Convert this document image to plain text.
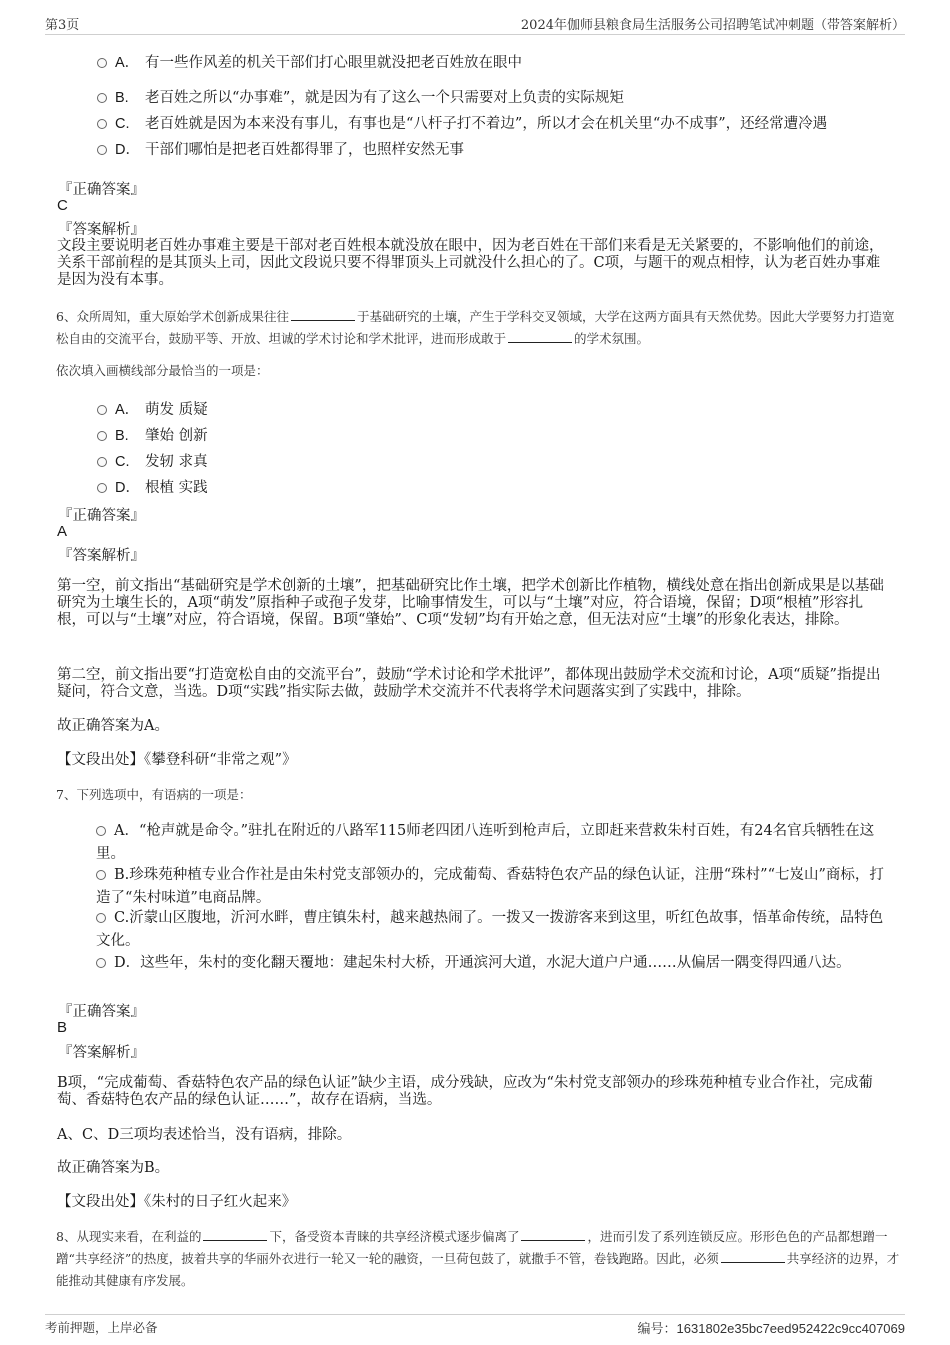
第3页	2024年伽师县粮食局生活服务公司招聘笔试冲刺题（带答案解析）
A． 有一些作风差的机关干部们打心眼里就没把老百姓放在眼中
B. 老百姓之所以“办事难”，就是因为有了这么一个只需要对上负责的实际规矩
C. 老百姓就是因为本来没有事儿，有事也是“八杆子打不着边”，所以才会在机关里“办不成事”，还经常遭冷遇
D． 干部们哪怕是把老百姓都得罪了，也照样安然无事
『正确答案』
C
『答案解析』
文段主要说明老百姓办事难主要是干部对老百姓根本就没放在眼中，因为老百姓在干部们来看是无关紧要的，不影响他们的前途，关系干部前程的是其顶头上司，因此文段说只要不得罪顶头上司就没什么担心的了。C项，与题干的观点相悖，认为老百姓办事难是因为没有本事。
6、众所周知，重大原始学术创新成果往往	于基础研究的土壤，产生于学科交叉领域，大学在这两方面具有天然优势。因此大学要努力打造宽松自由的交流平台，鼓励平等、开放、坦诚的学术讨论和学术批评，进而形成敢于	的学术氛围。
依次填入画横线部分最恰当的一项是：
A． 萌发 质疑
B. 肇始 创新
C. 发轫 求真
D． 根植 实践
『正确答案』
A
『答案解析』
第一空，前文指出“基础研究是学术创新的土壤”，把基础研究比作土壤，把学术创新比作植物，横线处意在指出创新成果是以基础研究为土壤生长的，A项“萌发”原指种子或孢子发芽，比喻事情发生，可以与“土壤”对应，符合语境，保留；D项“根植”形容扎根，可以与“土壤”对应，符合语境，保留。B项“肇始”、C项“发轫”均有开始之意，但无法对应“土壤”的形象化表达，排除。
第二空，前文指出要“打造宽松自由的交流平台”，鼓励“学术讨论和学术批评”，都体现出鼓励学术交流和讨论，A项“质疑”指提出疑问，符合文意，当选。D项“实践”指实际去做，鼓励学术交流并不代表将学术问题落实到了实践中，排除。
故正确答案为A。
【文段出处】《攀登科研“非常之观”》
7、下列选项中，有语病的一项是：
A．“枪声就是命令。”驻扎在附近的八路军115师老四团八连听到枪声后，立即赶来营救朱村百姓，有24名官兵牺牲在这里。
B.珍珠苑种植专业合作社是由朱村党支部领办的，完成葡萄、香菇特色农产品的绿色认证，注册“珠村”“七岌山”商标，打造了“朱村味道”电商品牌。
C.沂蒙山区腹地，沂河水畔，曹庄镇朱村，越来越热闹了。一拨又一拨游客来到这里，听红色故事，悟革命传统，品特色文化。
D．这些年，朱村的变化翻天覆地：建起朱村大桥，开通滨河大道，水泥大道户户通……从偏居一隅变得四通八达。
『正确答案』
B
『答案解析』
B项，“完成葡萄、香菇特色农产品的绿色认证”缺少主语，成分残缺，应改为“朱村党支部领办的珍珠苑种植专业合作社，完成葡萄、香菇特色农产品的绿色认证……”，故存在语病，当选。
A、C、D三项均表述恰当，没有语病，排除。
故正确答案为B。
【文段出处】《朱村的日子红火起来》
8、从现实来看，在利益的	下，备受资本青睐的共享经济模式逐步偏离了	，进而引发了系列连锁反应。形形色色的产品都想蹭一蹭“共享经济”的热度，披着共享的华丽外衣进行一轮又一轮的融资，一旦荷包鼓了，就撒手不管，卷钱跑路。因此，必须	共享经济的边界，才能推动其健康有序发展。
考前押题，上岸必备	编号：1631802e35bc7eed952422c9cc407069
